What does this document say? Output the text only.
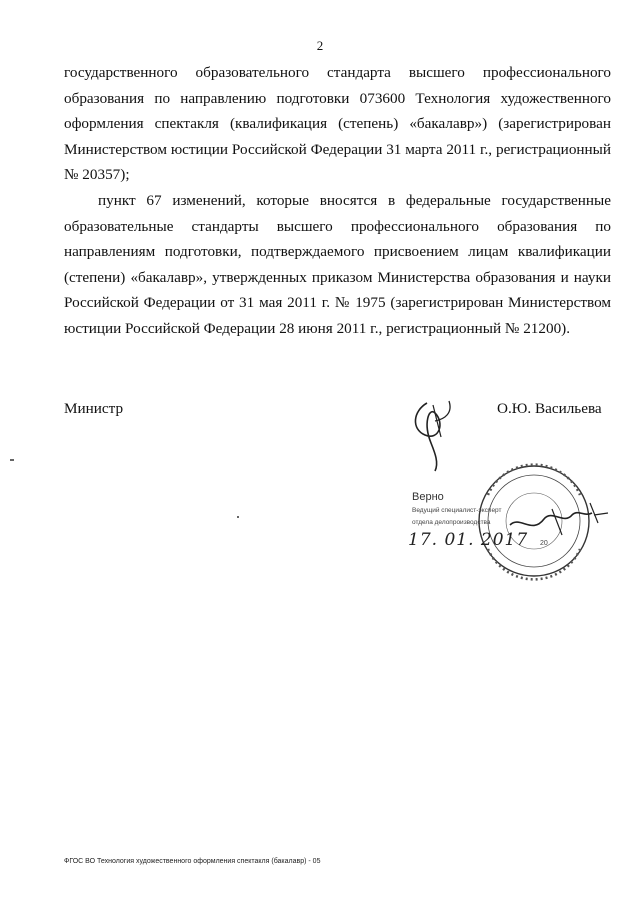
2

государственного образовательного стандарта высшего профессионального образования по направлению подготовки 073600 Технология художественного оформления спектакля (квалификация (степень) «бакалавр») (зарегистрирован Министерством юстиции Российской Федерации 31 марта 2011 г., регистрационный № 20357);

пункт 67 изменений, которые вносятся в федеральные государственные образовательные стандарты высшего профессионального образования по направлениям подготовки, подтверждаемого присвоением лицам квалификации (степени) «бакалавр», утвержденных приказом Министерства образования и науки Российской Федерации от 31 мая 2011 г. № 1975 (зарегистрирован Министерством юстиции Российской Федерации 28 июня 2011 г., регистрационный № 21200).

Министр	О.Ю. Васильева
Верно
Ведущий специалист-эксперт
отдела делопроизводства
17. 01. 2017 20
ФГОС ВО Технология художественного оформления спектакля (бакалавр) - 05
